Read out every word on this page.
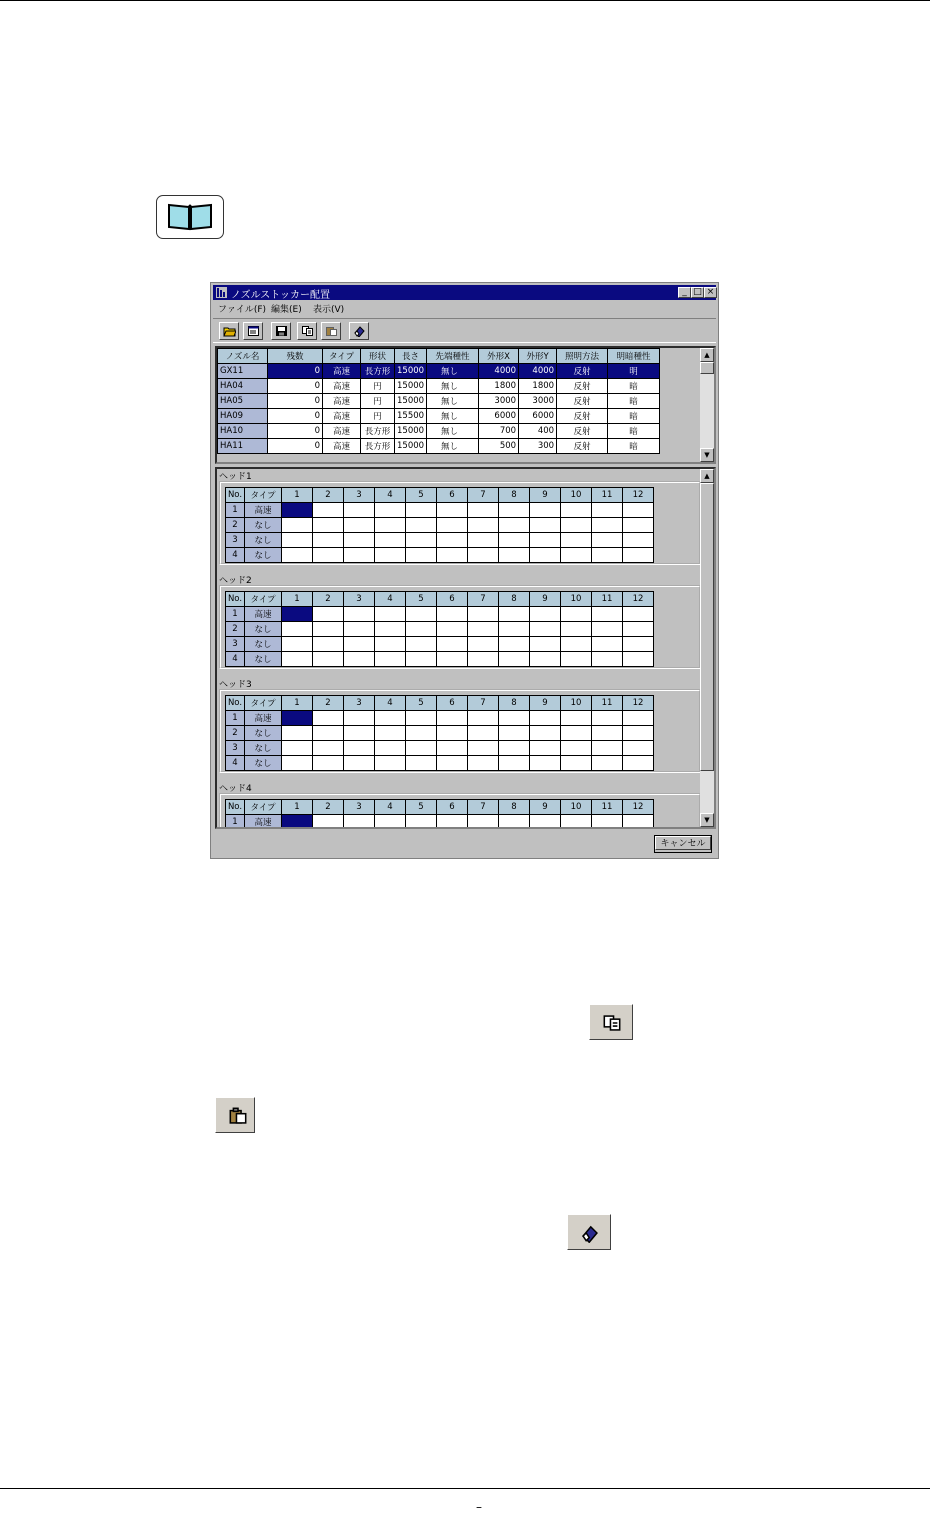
ノズルストッカー配置	_ □ ×
ファイル(F) 編集(E) 表示(V)
ノズル名	残数	タイプ	形状	長さ	先端種性	外形X	外形Y	照明方法	明暗種性
GX11	0	高速	長方形	15000	無し	4000	4000	反射	明
HA04	0	高速	円	15000	無し	1800	1800	反射	暗
HA05	0	高速	円	15000	無し	3000	3000	反射	暗
HA09	0	高速	円	15500	無し	6000	6000	反射	暗
HA10	0	高速	長方形	15000	無し	700	400	反射	暗
HA11	0	高速	長方形	15000	無し	500	300	反射	暗
▲
▼
ヘッド1
No.	タイプ	1	2	3	4	5	6	7	8	9	10	11	12
1	高速												
2	なし												
3	なし												
4	なし												
ヘッド2
No.	タイプ	1	2	3	4	5	6	7	8	9	10	11	12
1	高速												
2	なし												
3	なし												
4	なし												
ヘッド3
No.	タイプ	1	2	3	4	5	6	7	8	9	10	11	12
1	高速												
2	なし												
3	なし												
4	なし												
ヘッド4
No.	タイプ	1	2	3	4	5	6	7	8	9	10	11	12
1	高速												
▲
▼
キャンセル
–
